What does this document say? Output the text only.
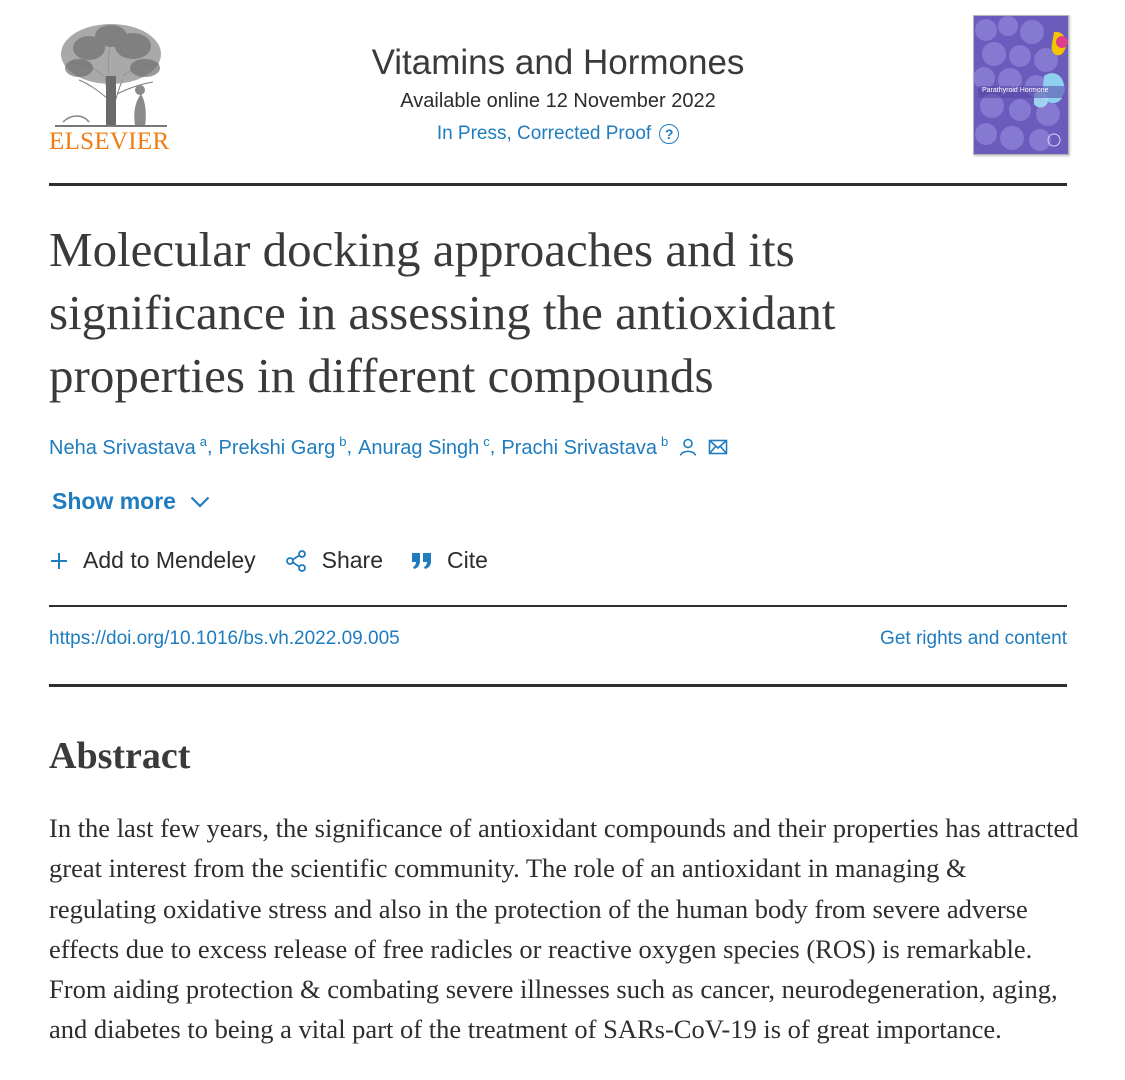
ELSEVIER
Vitamins and Hormones
Available online 12 November 2022
In Press, Corrected Proof ?
Parathyroid Hormone
Molecular docking approaches and its significance in assessing the antioxidant properties in different compounds
Neha Srivastava $^a$ , Prekshi Garg $^b$ , Anurag Singh $^c$ , Prachi Srivastava $^b$
Show more
Add to Mendeley	Share	Cite
https://doi.org/10.1016/bs.vh.2022.09.005	Get rights and content
Abstract

In the last few years, the significance of antioxidant compounds and their properties has attracted great interest from the scientific community. The role of an antioxidant in managing & regulating oxidative stress and also in the protection of the human body from severe adverse effects due to excess release of free radicles or reactive oxygen species (ROS) is remarkable. From aiding protection & combating severe illnesses such as cancer, neurodegeneration, aging, and diabetes to being a vital part of the treatment of SARs-CoV-19 is of great importance.
